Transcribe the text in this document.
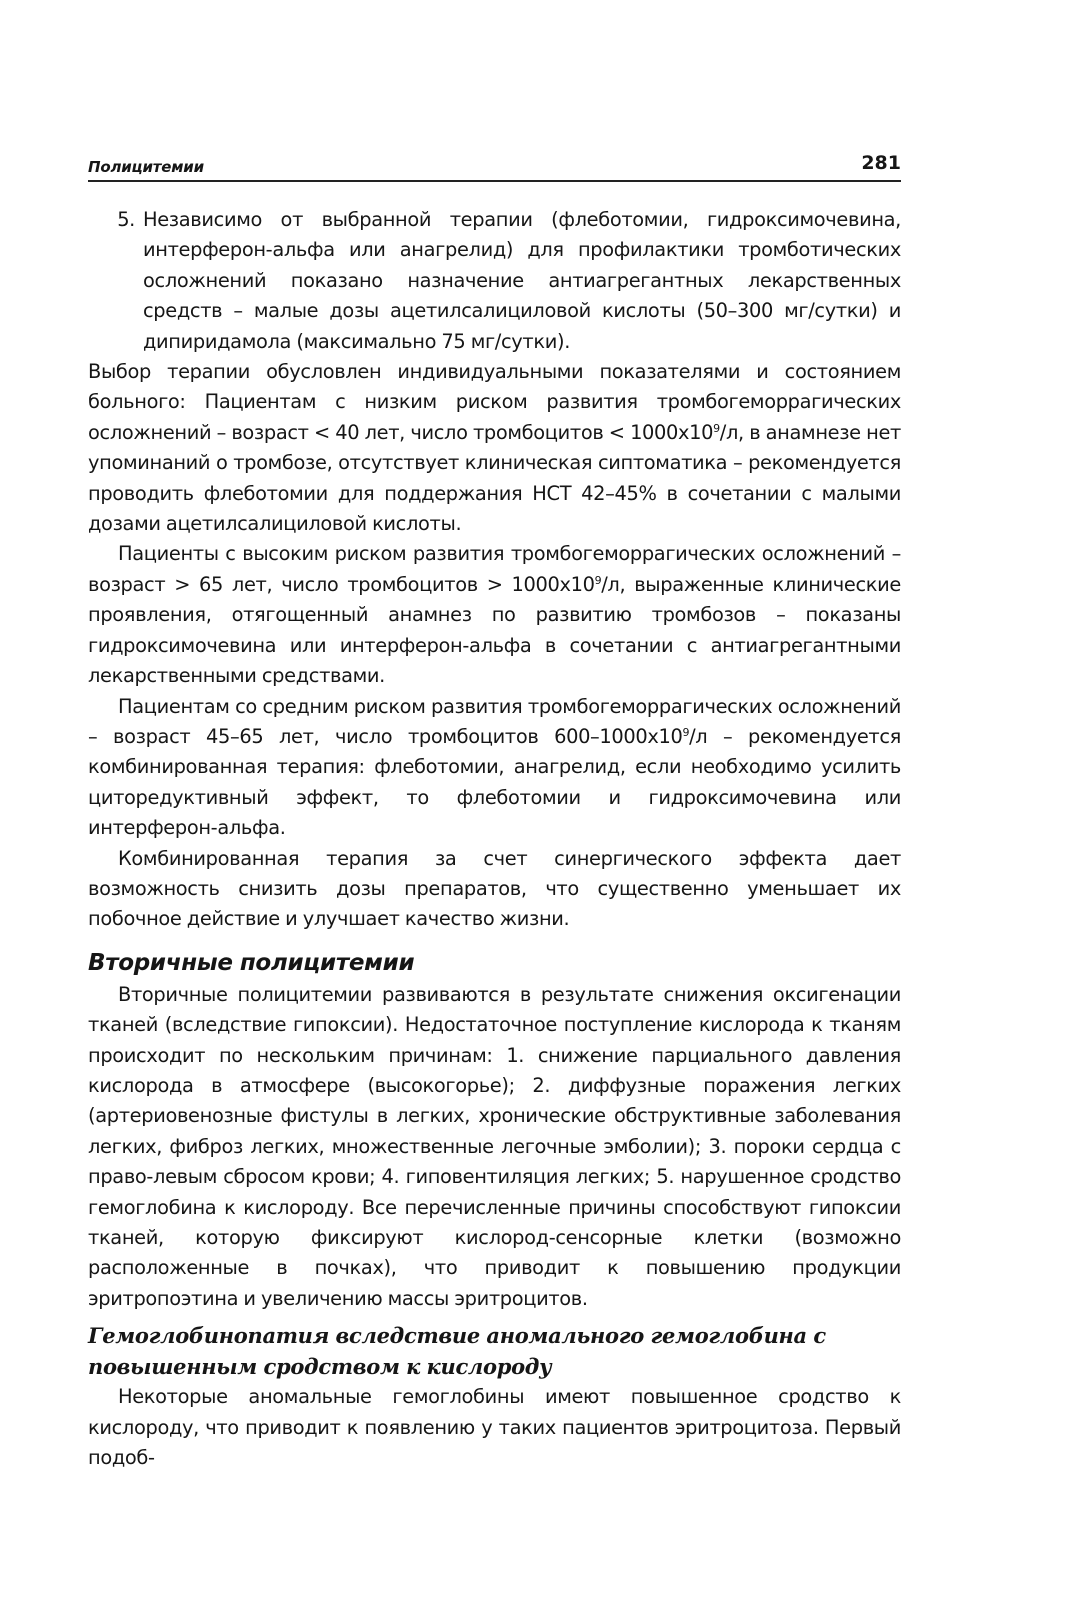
Полицитемии	281
5. Независимо от выбранной терапии (флеботомии, гидроксимочевина, интерферон-альфа или анагрелид) для профилактики тромботических осложнений показано назначение антиагрегантных лекарственных средств – малые дозы ацетилсалициловой кислоты (50–300 мг/сутки) и дипиридамола (максимально 75 мг/сутки).

Выбор терапии обусловлен индивидуальными показателями и состоянием больного: Пациентам с низким риском развития тромбогеморрагических осложнений – возраст < 40 лет, число тромбоцитов < $1000x10^9/л$, в анамнезе нет упоминаний о тромбозе, отсутствует клиническая сиптоматика – рекомендуется проводить флеботомии для поддержания НСТ 42–45% в сочетании с малыми дозами ацетилсалициловой кислоты.

Пациенты с высоким риском развития тромбогеморрагических осложнений – возраст > 65 лет, число тромбоцитов > $1000x10^9/л$, выраженные клинические проявления, отягощенный анамнез по развитию тромбозов – показаны гидроксимочевина или интерферон-альфа в сочетании с антиагрегантными лекарственными средствами.

Пациентам со средним риском развития тромбогеморрагических осложнений – возраст 45–65 лет, число тромбоцитов $600-1000x10^9/л$ – рекомендуется комбинированная терапия: флеботомии, анагрелид, если необходимо усилить циторедуктивный эффект, то флеботомии и гидроксимочевина или интерферон-альфа.

Комбинированная терапия за счет синергического эффекта дает возможность снизить дозы препаратов, что существенно уменьшает их побочное действие и улучшает качество жизни.

Вторичные полицитемии

Вторичные полицитемии развиваются в результате снижения оксигенации тканей (вследствие гипоксии). Недостаточное поступление кислорода к тканям происходит по нескольким причинам: 1. снижение парциального давления кислорода в атмосфере (высокогорье); 2. диффузные поражения легких (артериовенозные фистулы в легких, хронические обструктивные заболевания легких, фиброз легких, множественные легочные эмболии); 3. пороки сердца с право-левым сбросом крови; 4. гиповентиляция легких; 5. нарушенное сродство гемоглобина к кислороду. Все перечисленные причины способствуют гипоксии тканей, которую фиксируют кислород-сенсорные клетки (возможно расположенные в почках), что приводит к повышению продукции эритропоэтина и увеличению массы эритроцитов.

Гемоглобинопатия вследствие аномального гемоглобина с
повышенным сродством к кислороду

Некоторые аномальные гемоглобины имеют повышенное сродство к кислороду, что приводит к появлению у таких пациентов эритроцитоза. Первый подоб-
